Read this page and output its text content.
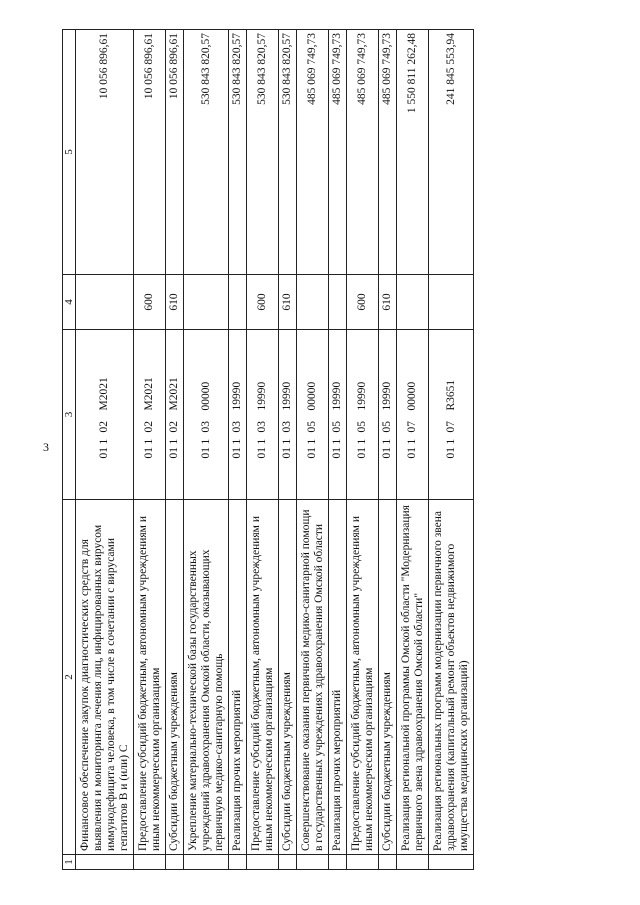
3
1	2	3	4	5
	Финансовое обеспечение закупок диагностических средств для выявления и мониторинга лечения лиц, инфицированных вирусом иммунодефицита человека, в том числе в сочетании с вирусами гепатитов В и (или) С	01102M2021		10 056 896,61
	Предоставление субсидий бюджетным, автономным учреждениям и иным некоммерческим организациям	01102M2021	600	10 056 896,61
	Субсидии бюджетным учреждениям	01102M2021	610	10 056 896,61
	Укрепление материально-технической базы государственных учреждений здравоохранения Омской области, оказывающих первичную медико-санитарную помощь	0110300000		530 843 820,57
	Реализация прочих мероприятий	0110319990		530 843 820,57
	Предоставление субсидий бюджетным, автономным учреждениям и иным некоммерческим организациям	0110319990	600	530 843 820,57
	Субсидии бюджетным учреждениям	0110319990	610	530 843 820,57
	Совершенствование оказания первичной медико-санитарной помощи в государственных учреждениях здравоохранения Омской области	0110500000		485 069 749,73
	Реализация прочих мероприятий	0110519990		485 069 749,73
	Предоставление субсидий бюджетным, автономным учреждениям и иным некоммерческим организациям	0110519990	600	485 069 749,73
	Субсидии бюджетным учреждениям	0110519990	610	485 069 749,73
	Реализация региональной программы Омской области "Модернизация первичного звена здравоохранения Омской области"	0110700000		1 550 811 262,48
	Реализация региональных программ модернизации первичного звена здравоохранения (капитальный ремонт объектов недвижимого имущества медицинских организаций)	01107R3651		241 845 553,94
